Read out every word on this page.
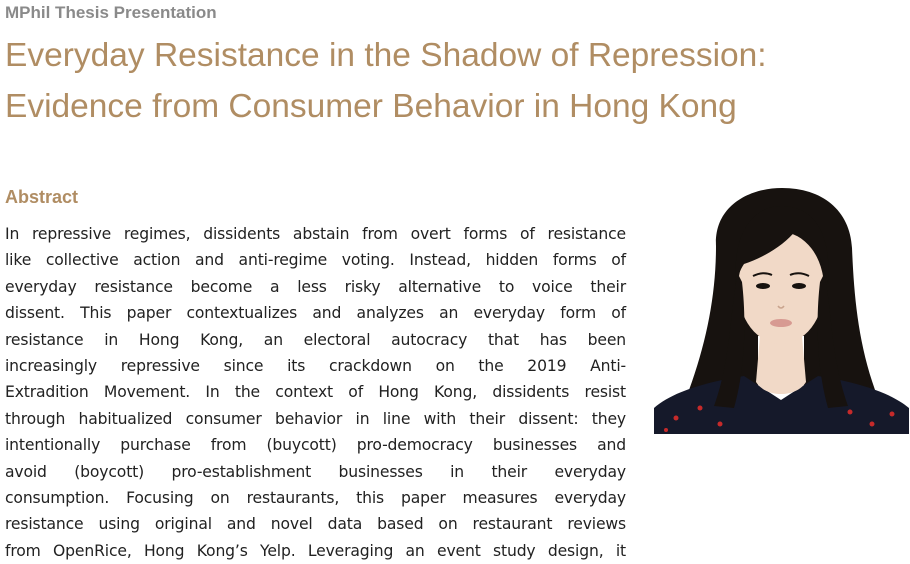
MPhil Thesis Presentation
Everyday Resistance in the Shadow of Repression:
Evidence from Consumer Behavior in Hong Kong
Abstract
In repressive regimes, dissidents abstain from overt forms of resistance
like collective action and anti-regime voting. Instead, hidden forms of
everyday resistance become a less risky alternative to voice their
dissent. This paper contextualizes and analyzes an everyday form of
resistance in Hong Kong, an electoral autocracy that has been
increasingly repressive since its crackdown on the 2019 Anti-
Extradition Movement. In the context of Hong Kong, dissidents resist
through habitualized consumer behavior in line with their dissent: they
intentionally purchase from (buycott) pro-democracy businesses and
avoid (boycott) pro-establishment businesses in their everyday
consumption. Focusing on restaurants, this paper measures everyday
resistance using original and novel data based on restaurant reviews
from OpenRice, Hong Kong’s Yelp. Leveraging an event study design, it
